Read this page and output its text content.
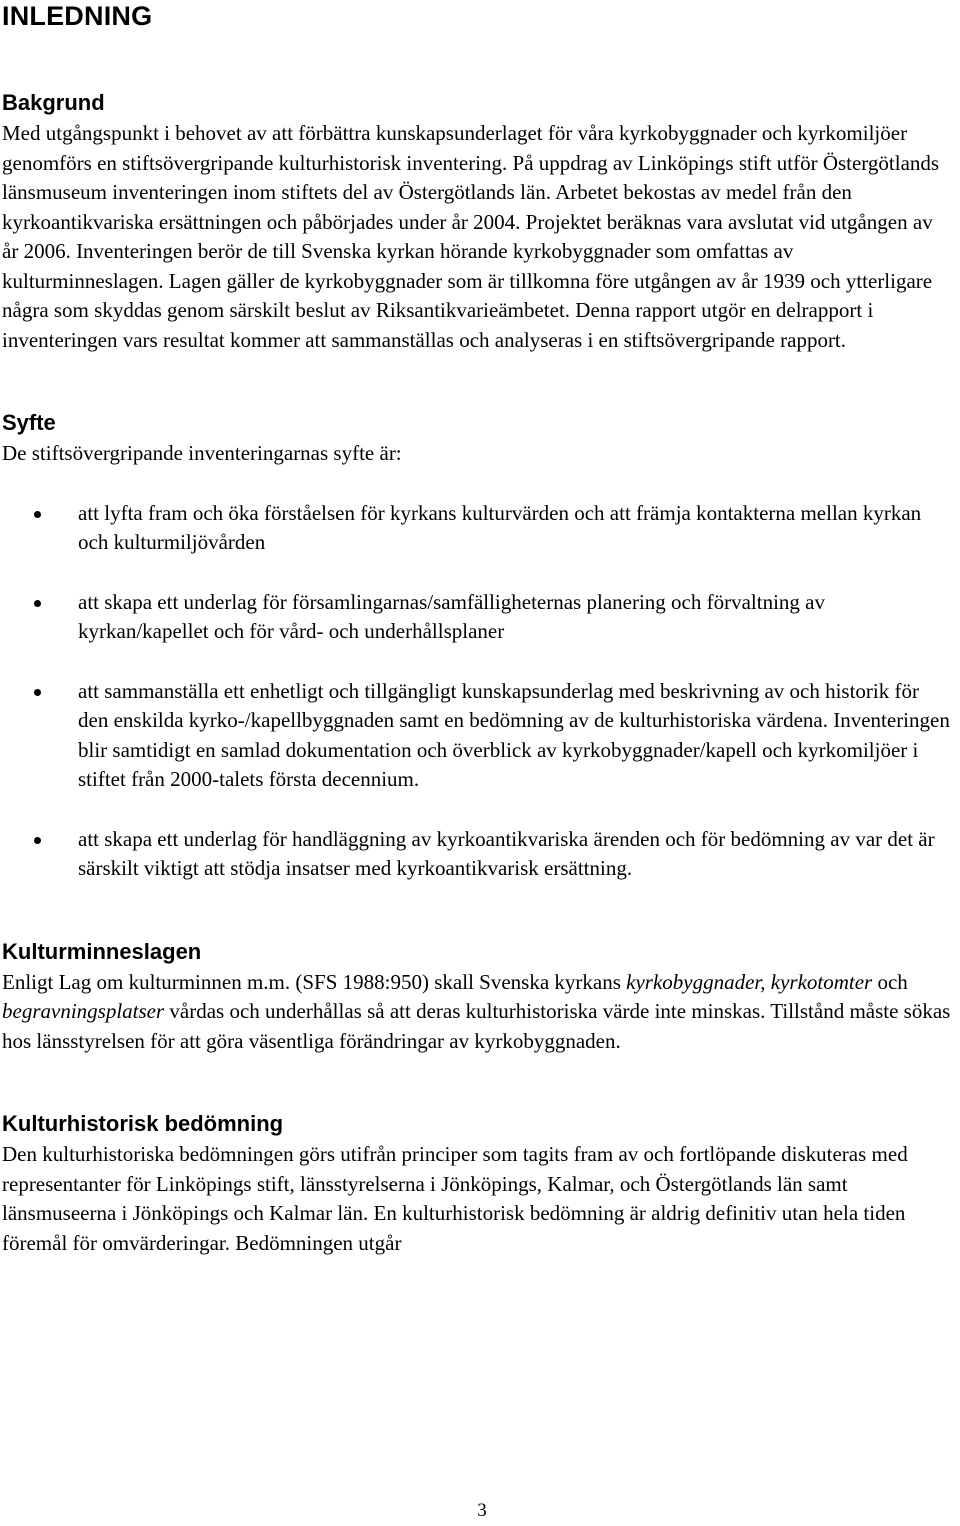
INLEDNING
Bakgrund

Med utgångspunkt i behovet av att förbättra kunskapsunderlaget för våra kyrkobyggnader och kyrkomiljöer genomförs en stiftsövergripande kulturhistorisk inventering. På uppdrag av Linköpings stift utför Östergötlands länsmuseum inventeringen inom stiftets del av Östergötlands län. Arbetet bekostas av medel från den kyrkoantikvariska ersättningen och påbörjades under år 2004. Projektet beräknas vara avslutat vid utgången av år 2006. Inventeringen berör de till Svenska kyrkan hörande kyrkobyggnader som omfattas av kulturminneslagen. Lagen gäller de kyrkobyggnader som är tillkomna före utgången av år 1939 och ytterligare några som skyddas genom särskilt beslut av Riksantikvarieämbetet. Denna rapport utgör en delrapport i inventeringen vars resultat kommer att sammanställas och analyseras i en stiftsövergripande rapport.

Syfte

De stiftsövergripande inventeringarnas syfte är:

att lyfta fram och öka förståelsen för kyrkans kulturvärden och att främja kontakterna mellan kyrkan och kulturmiljövården
att skapa ett underlag för församlingarnas/samfälligheternas planering och förvaltning av kyrkan/kapellet och för vård- och underhållsplaner
att sammanställa ett enhetligt och tillgängligt kunskapsunderlag med beskrivning av och historik för den enskilda kyrko-/kapellbyggnaden samt en bedömning av de kulturhistoriska värdena. Inventeringen blir samtidigt en samlad dokumentation och överblick av kyrkobyggnader/kapell och kyrkomiljöer i stiftet från 2000-talets första decennium.
att skapa ett underlag för handläggning av kyrkoantikvariska ärenden och för bedömning av var det är särskilt viktigt att stödja insatser med kyrkoantikvarisk ersättning.
Kulturminneslagen

Enligt Lag om kulturminnen m.m. (SFS 1988:950) skall Svenska kyrkans kyrkobyggnader, kyrkotomter och begravningsplatser vårdas och underhållas så att deras kulturhistoriska värde inte minskas. Tillstånd måste sökas hos länsstyrelsen för att göra väsentliga förändringar av kyrkobyggnaden.

Kulturhistorisk bedömning

Den kulturhistoriska bedömningen görs utifrån principer som tagits fram av och fortlöpande diskuteras med representanter för Linköpings stift, länsstyrelserna i Jönköpings, Kalmar, och Östergötlands län samt länsmuseerna i Jönköpings och Kalmar län. En kulturhistorisk bedömning är aldrig definitiv utan hela tiden föremål för omvärderingar. Bedömningen utgår

3
